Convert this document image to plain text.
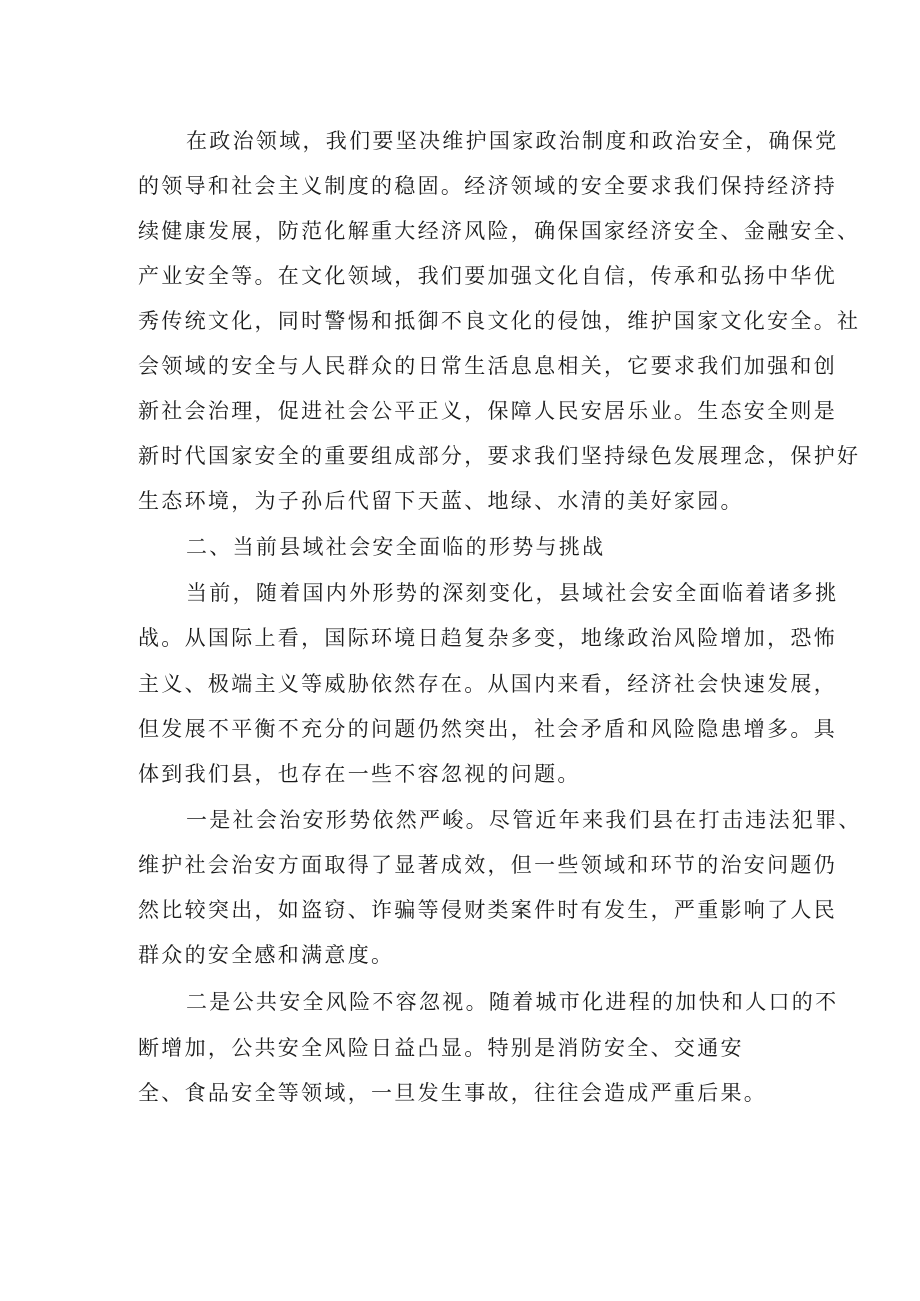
在政治领域，我们要坚决维护国家政治制度和政治安全，确保党
的领导和社会主义制度的稳固。经济领域的安全要求我们保持经济持
续健康发展，防范化解重大经济风险，确保国家经济安全、金融安全、
产业安全等。在文化领域，我们要加强文化自信，传承和弘扬中华优
秀传统文化，同时警惕和抵御不良文化的侵蚀，维护国家文化安全。社
会领域的安全与人民群众的日常生活息息相关，它要求我们加强和创
新社会治理，促进社会公平正义，保障人民安居乐业。生态安全则是
新时代国家安全的重要组成部分，要求我们坚持绿色发展理念，保护好
生态环境，为子孙后代留下天蓝、地绿、水清的美好家园。
二、当前县域社会安全面临的形势与挑战
当前，随着国内外形势的深刻变化，县域社会安全面临着诸多挑
战。从国际上看，国际环境日趋复杂多变，地缘政治风险增加，恐怖
主义、极端主义等威胁依然存在。从国内来看，经济社会快速发展，
但发展不平衡不充分的问题仍然突出，社会矛盾和风险隐患增多。具
体到我们县，也存在一些不容忽视的问题。
一是社会治安形势依然严峻。尽管近年来我们县在打击违法犯罪、
维护社会治安方面取得了显著成效，但一些领域和环节的治安问题仍
然比较突出，如盗窃、诈骗等侵财类案件时有发生，严重影响了人民
群众的安全感和满意度。
二是公共安全风险不容忽视。随着城市化进程的加快和人口的不
断增加，公共安全风险日益凸显。特别是消防安全、交通安
全、食品安全等领域，一旦发生事故，往往会造成严重后果。
